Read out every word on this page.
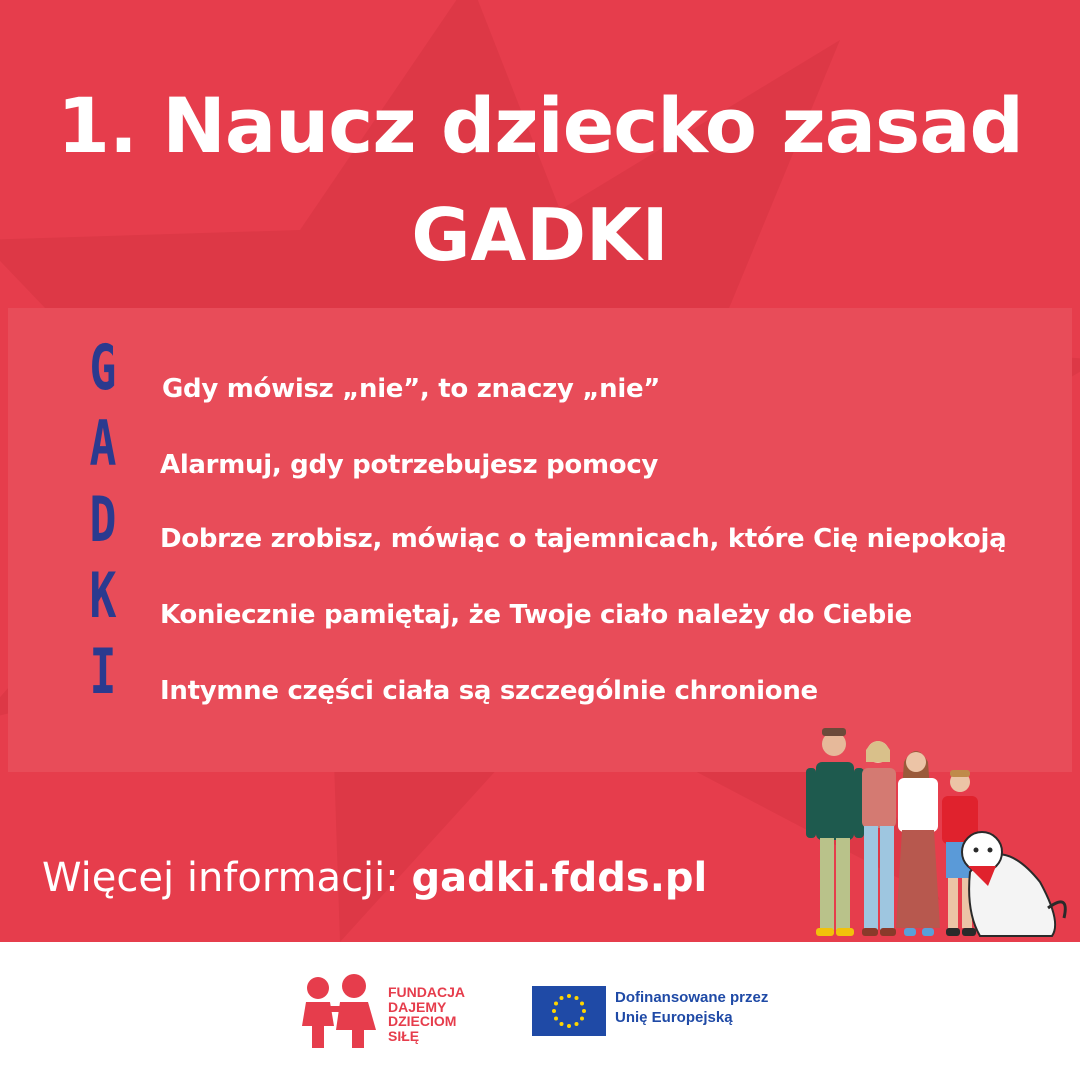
1. Naucz dziecko zasad
GADKI
G
A
D
K
I
Gdy mówisz „nie”, to znaczy „nie”
Alarmuj, gdy potrzebujesz pomocy
Dobrze zrobisz, mówiąc o tajemnicach, które Cię niepokoją
Koniecznie pamiętaj, że Twoje ciało należy do Ciebie
Intymne części ciała są szczególnie chronione
Więcej informacji: gadki.fdds.pl
FUNDACJA
DAJEMY
DZIECIOM
SIŁĘ
Dofinansowane przez
Unię Europejską
